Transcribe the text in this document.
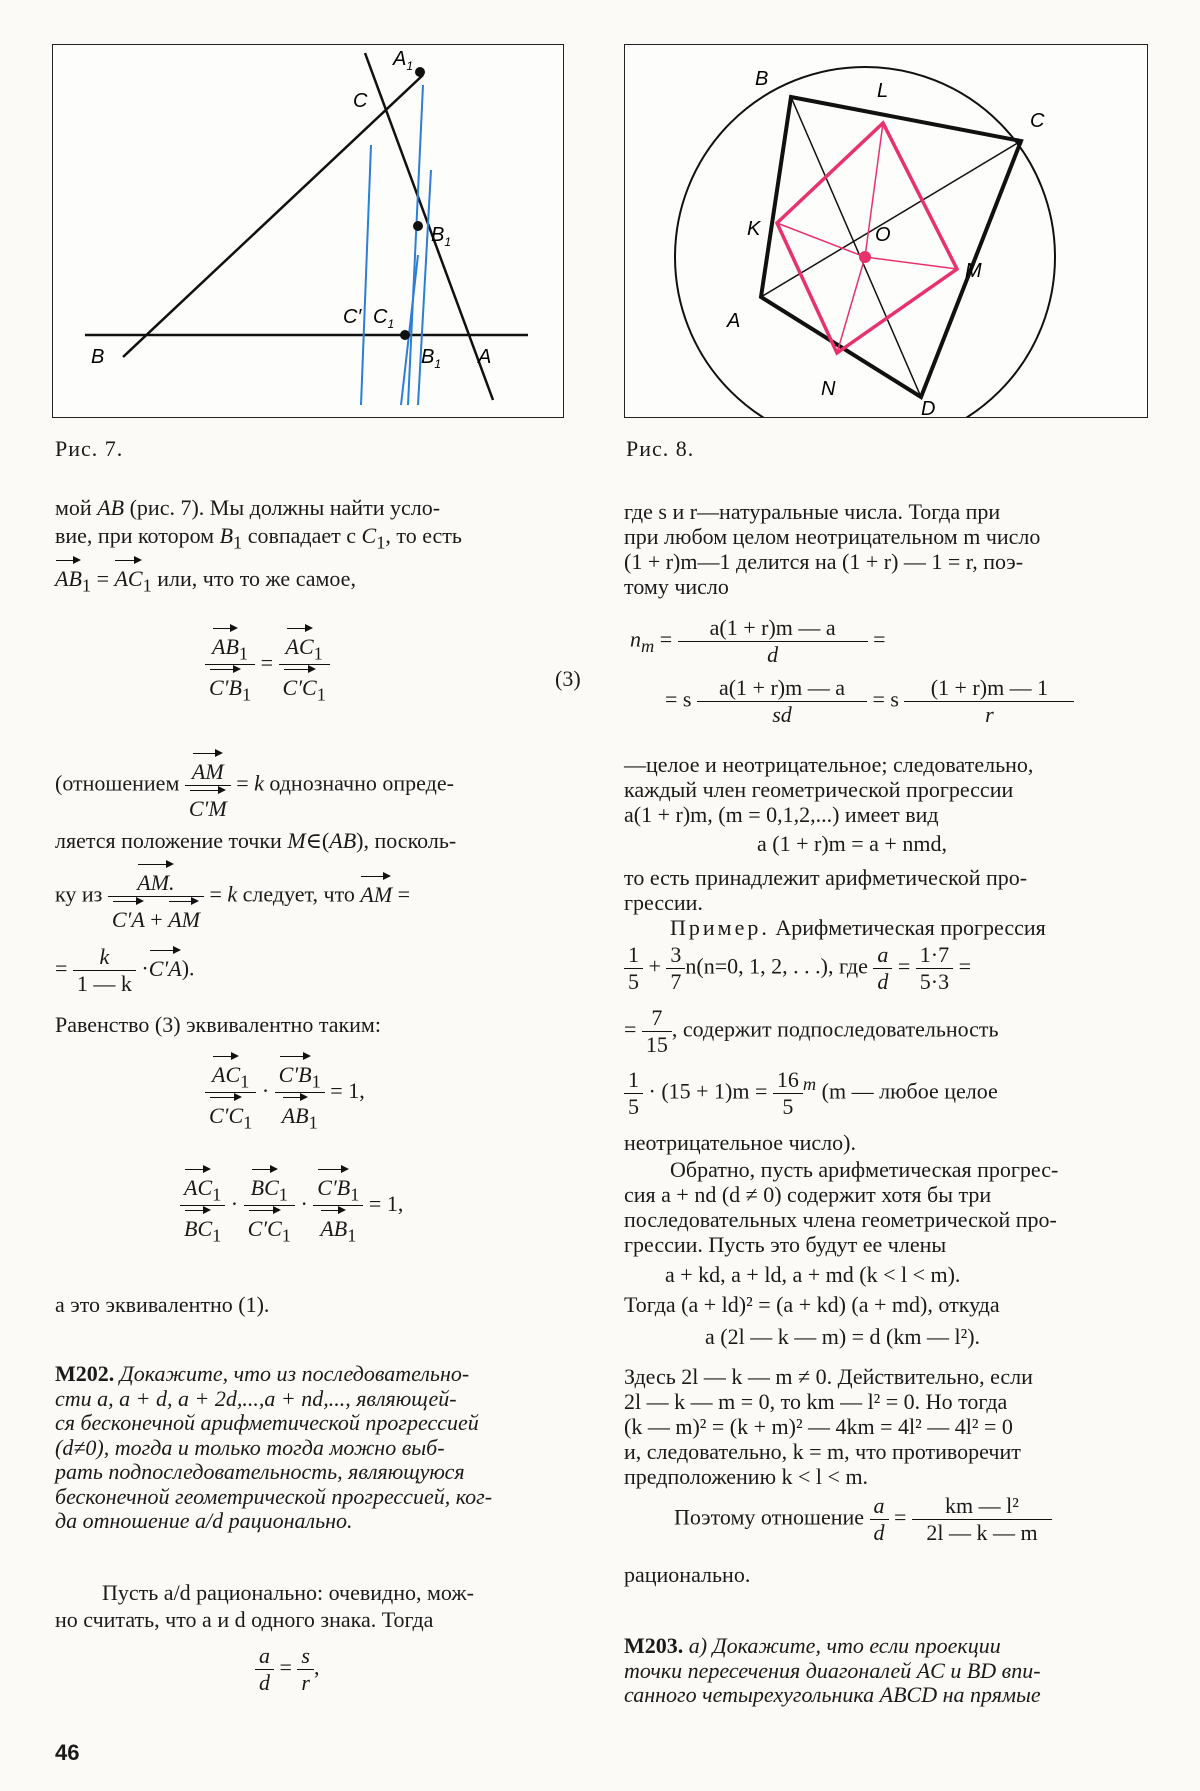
$A_1$
C
$B_1$
C′ $C_1$
B	$B_1$ A
Рис. 7.
B
L
C
K	O
M
A
N
D
Рис. 8.
мой AB (рис. 7). Мы должны найти усло-
вие, при котором $B_1$ совпадает с $C_1$, то есть
$AB_1 = AC_1$ или, что то же самое,
$\frac{AB_1}{C'B_1} = \frac{AC_1}{C'C_1}$	(3)
(отношением $\frac{AM}{C'M} = k$ однозначно опреде-
ляется положение точки M∈(AB), посколь-
ку из $\frac{AM.}{C'A + AM} = k$ следует, что AM =
= $\frac{k}{1 — k} \cdot C'A$).
Равенство (3) эквивалентно таким:
$\frac{AC_1}{C'C_1} \cdot \frac{C'B_1}{AB_1} = 1$,
$\frac{AC_1}{BC_1} \cdot \frac{BC_1}{C'C_1} \cdot \frac{C'B_1}{AB_1} = 1$,
а это эквивалентно (1).
M202. Докажите, что из последовательно-
сти a, a + d, a + 2d,...,a + nd,..., являющей-
ся бесконечной арифметической прогрессией
(d≠0), тогда и только тогда можно выб-
рать подпоследовательность, являющуюся
бесконечной геометрической прогрессией, ког-
да отношение a/d рационально.
Пусть a/d рационально: очевидно, мож-
но считать, что a и d одного знака. Тогда
$\frac{a}{d} = \frac{s}{r}$ ,
46
где s и r—натуральные числа. Тогда при
при любом целом неотрицательном m число
(1 + r)m—1 делится на (1 + r) — 1 = r, поэ-
тому число
$n_m = \frac{a(1 + r)m — a}{d}$ =
= s $\frac{a(1 + r)m — a}{sd} = s \frac{(1 + r)m — 1}{r}$
—целое и неотрицательное; следовательно,
каждый член геометрической прогрессии
a(1 + r)m, (m = 0,1,2,...) имеет вид
a (1 + r)m = a + nmd,
то есть принадлежит арифметической про-
грессии.
Пример. Арифметическая прогрессия
$\frac{1}{5} + \frac{3}{7} n(n=0$, 1, 2, . . .), где $\frac{a}{d} = \frac{1\cdot 7}{5\cdot 3}$ =
= $\frac{7}{15}$ , содержит подпоследовательность
$\frac{1}{5} \cdot (15 + 1)m = \frac{16}{5} ^m$ (m — любое целое
неотрицательное число).
Обратно, пусть арифметическая прогрес-
сия a + nd (d ≠ 0) содержит хотя бы три
последовательных члена геометрической про-
грессии. Пусть это будут ее члены
a + kd, a + ld, a + md (k < l < m).
Тогда (a + ld)² = (a + kd) (a + md), откуда
a (2l — k — m) = d (km — l²).
Здесь 2l — k — m ≠ 0. Действительно, если
2l — k — m = 0, то km — l² = 0. Но тогда
(k — m)² = (k + m)² — 4km = 4l² — 4l² = 0
и, следовательно, k = m, что противоречит
предположению k < l < m.
Поэтому отношение $\frac{a}{d} = \frac{\text{km — l²}}{2l — k — m}$
рационально.
M203. а) Докажите, что если проекции
точки пересечения диагоналей AC и BD впи-
санного четырехугольника ABCD на прямые
